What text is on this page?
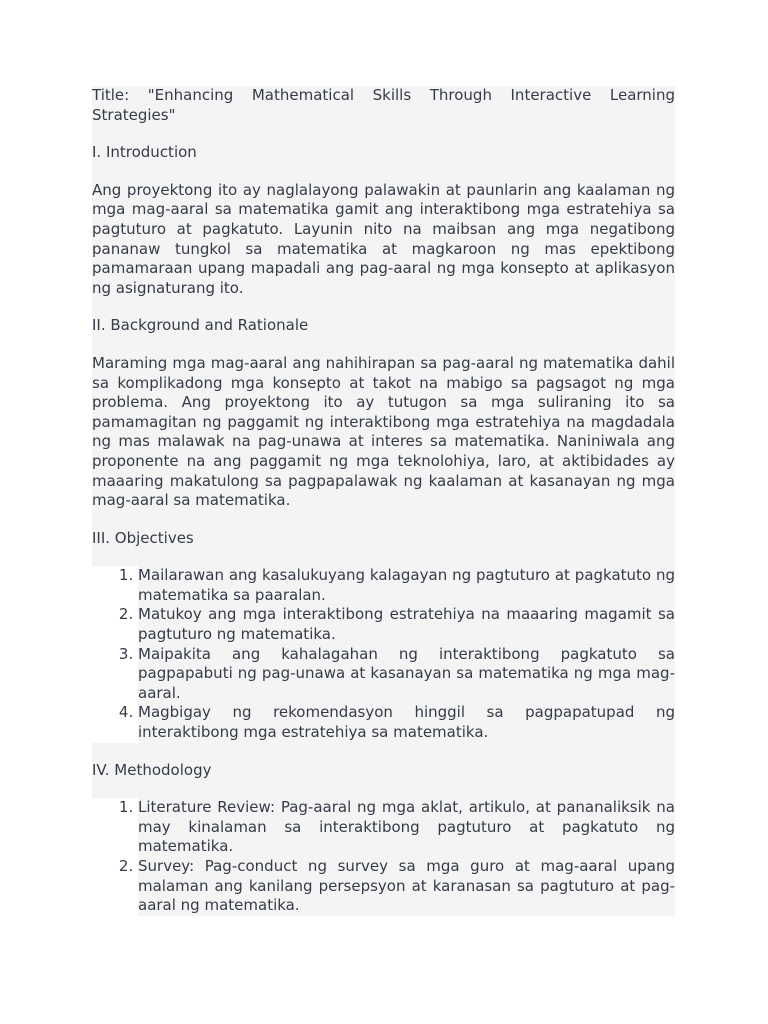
Title: "Enhancing Mathematical Skills Through Interactive Learning Strategies"

I. Introduction

Ang proyektong ito ay naglalayong palawakin at paunlarin ang kaalaman ng mga mag-aaral sa matematika gamit ang interaktibong mga estratehiya sa pagtuturo at pagkatuto. Layunin nito na maibsan ang mga negatibong pananaw tungkol sa matematika at magkaroon ng mas epektibong pamamaraan upang mapadali ang pag-aaral ng mga konsepto at aplikasyon ng asignaturang ito.

II. Background and Rationale

Maraming mga mag-aaral ang nahihirapan sa pag-aaral ng matematika dahil sa komplikadong mga konsepto at takot na mabigo sa pagsagot ng mga problema. Ang proyektong ito ay tutugon sa mga suliraning ito sa pamamagitan ng paggamit ng interaktibong mga estratehiya na magdadala ng mas malawak na pag-unawa at interes sa matematika. Naniniwala ang proponente na ang paggamit ng mga teknolohiya, laro, at aktibidades ay maaaring makatulong sa pagpapalawak ng kaalaman at kasanayan ng mga mag-aaral sa matematika.

III. Objectives
1. Mailarawan ang kasalukuyang kalagayan ng pagtuturo at pagkatuto ng matematika sa paaralan.
2. Matukoy ang mga interaktibong estratehiya na maaaring magamit sa pagtuturo ng matematika.
3. Maipakita ang kahalagahan ng interaktibong pagkatuto sa pagpapabuti ng pag-unawa at kasanayan sa matematika ng mga mag-aaral.
4. Magbigay ng rekomendasyon hinggil sa pagpapatupad ng interaktibong mga estratehiya sa matematika.
IV. Methodology
1. Literature Review: Pag-aaral ng mga aklat, artikulo, at pananaliksik na may kinalaman sa interaktibong pagtuturo at pagkatuto ng matematika.
2. Survey: Pag-conduct ng survey sa mga guro at mag-aaral upang malaman ang kanilang persepsyon at karanasan sa pagtuturo at pag-aaral ng matematika.
